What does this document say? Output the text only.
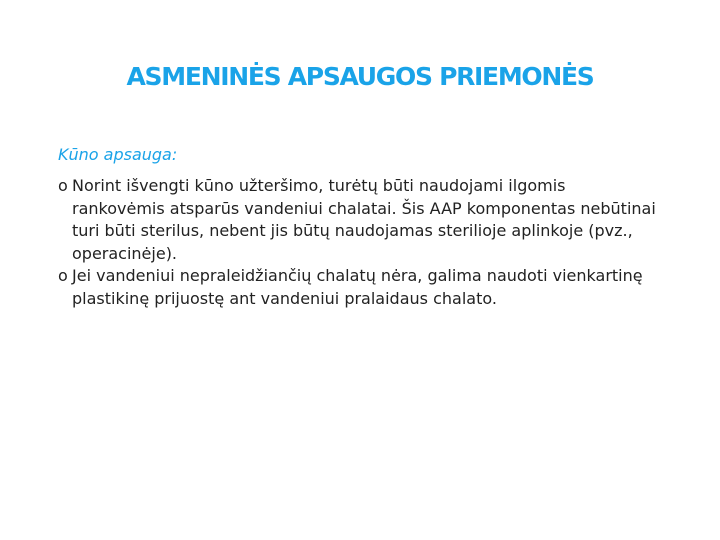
ASMENINĖS APSAUGOS PRIEMONĖS
Kūno apsauga:
o Norint išvengti kūno užteršimo, turėtų būti naudojami ilgomis rankovėmis atsparūs vandeniui chalatai. Šis AAP komponentas nebūtinai turi būti sterilus, nebent jis būtų naudojamas sterilioje aplinkoje (pvz., operacinėje).
o Jei vandeniui nepraleidžiančių chalatų nėra, galima naudoti vienkartinę plastikinę prijuostę ant vandeniui pralaidaus chalato.
